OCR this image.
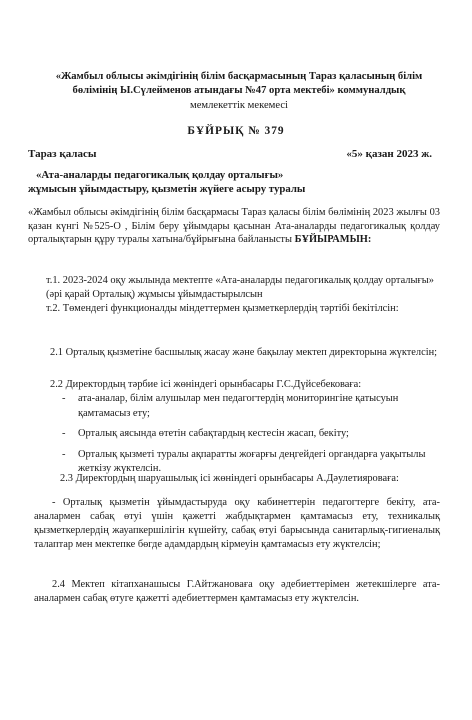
«Жамбыл облысы әкімдігінің білім басқармасының Тараз қаласының білім
бөлімінің Ы.Сүлейменов атындағы №47 орта мектебі» коммуналдық
мемлекеттік мекемесі
БҰЙРЫҚ № 379
Тараз қаласы	«5» қазан 2023 ж.
«Ата-аналарды педагогикалық қолдау орталығы»
жұмысын ұйымдастыру, қызметін жүйеге асыру туралы
«Жамбыл облысы әкімдігінің білім басқармасы Тараз қаласы білім бөлімінің 2023 жылғы 03 қазан күнгі №525-О , Білім беру ұйымдары қасынан Ата-аналарды педагогикалық қолдау орталықтарын құру туралы хатына/бұйрығына байланысты БҰЙЫРАМЫН:
т.1. 2023-2024 оқу жылында мектепте «Ата-аналарды педагогикалық қолдау орталығы» (әрі қарай Орталық) жұмысы ұйымдастырылсын
т.2. Төмендегі функционалды міндеттермен қызметкерлердің тәртібі бекітілсін:
2.1 Орталық қызметіне басшылық жасау және бақылау мектеп директорына жүктелсін;
2.2 Директордың тәрбие ісі жөніндегі орынбасары Г.С.Дүйсебековаға:
- ата-аналар, білім алушылар мен педагогтердің мониторингіне қатысуын қамтамасыз ету;
- Орталық аясында өтетін сабақтардың кестесін жасап, бекіту;
- Орталық қызметі туралы ақпаратты жоғарғы деңгейдегі органдарға уақытылы жеткізу жүктелсін.
2.3 Директордың шаруашылық ісі жөніндегі орынбасары А.Дәулетияроваға:
- Орталық қызметін ұйымдастыруда оқу кабинеттерін педагогтерге бекіту, ата-аналармен сабақ өтуі үшін қажетті жабдықтармен қамтамасыз ету, техникалық қызметкерлердің жауапкершілігін күшейту, сабақ өтуі барысында санитарлық-гигиеналық талаптар мен мектепке бөгде адамдардың кірмеуін қамтамасыз ету жүктелсін;
2.4 Мектеп кітапханашысы Г.Айтжановаға оқу әдебиеттерімен жетекшілерге ата-аналармен сабақ өтуге қажетті әдебиеттермен қамтамасыз ету жүктелсін.
